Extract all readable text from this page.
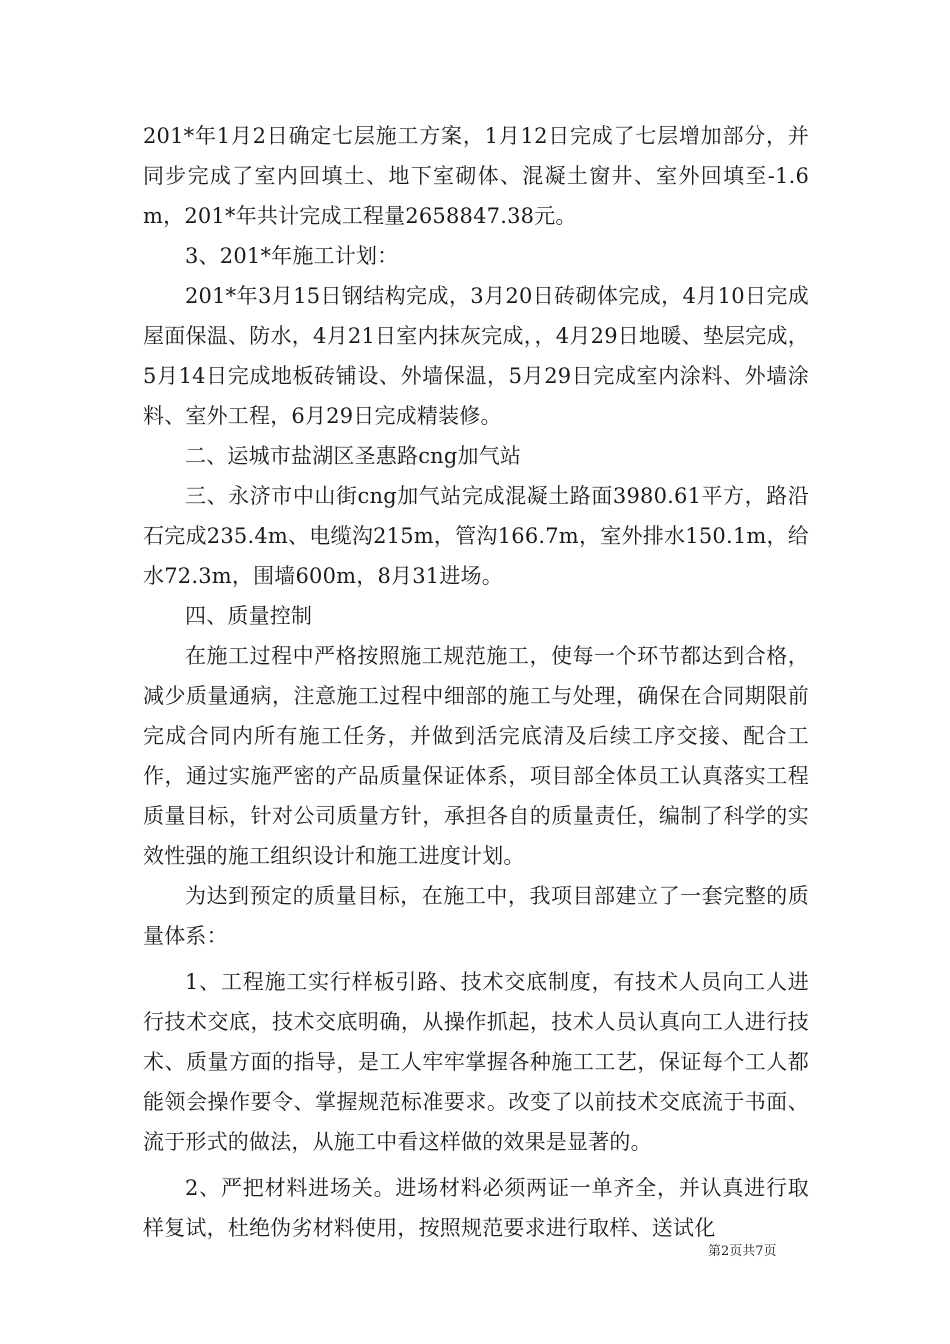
201*年1月2日确定七层施工方案，1月12日完成了七层增加部分，并同步完成了室内回填土、地下室砌体、混凝土窗井、室外回填至-1.6m，201*年共计完成工程量2658847.38元。

3、201*年施工计划：

201*年3月15日钢结构完成，3月20日砖砌体完成，4月10日完成屋面保温、防水，4月21日室内抹灰完成，，4月29日地暖、垫层完成，5月14日完成地板砖铺设、外墙保温，5月29日完成室内涂料、外墙涂料、室外工程，6月29日完成精装修。

二、运城市盐湖区圣惠路cng加气站

三、永济市中山街cng加气站完成混凝土路面3980.61平方，路沿石完成235.4m、电缆沟215m，管沟166.7m，室外排水150.1m，给水72.3m，围墙600m，8月31进场。

四、质量控制

在施工过程中严格按照施工规范施工，使每一个环节都达到合格，减少质量通病，注意施工过程中细部的施工与处理，确保在合同期限前完成合同内所有施工任务，并做到活完底清及后续工序交接、配合工作，通过实施严密的产品质量保证体系，项目部全体员工认真落实工程质量目标，针对公司质量方针，承担各自的质量责任，编制了科学的实效性强的施工组织设计和施工进度计划。

为达到预定的质量目标，在施工中，我项目部建立了一套完整的质量体系：

1、工程施工实行样板引路、技术交底制度，有技术人员向工人进行技术交底，技术交底明确，从操作抓起，技术人员认真向工人进行技术、质量方面的指导，是工人牢牢掌握各种施工工艺，保证每个工人都能领会操作要令、掌握规范标准要求。改变了以前技术交底流于书面、流于形式的做法，从施工中看这样做的效果是显著的。

2、严把材料进场关。进场材料必须两证一单齐全，并认真进行取样复试，杜绝伪劣材料使用，按照规范要求进行取样、送试化

第2页共7页
